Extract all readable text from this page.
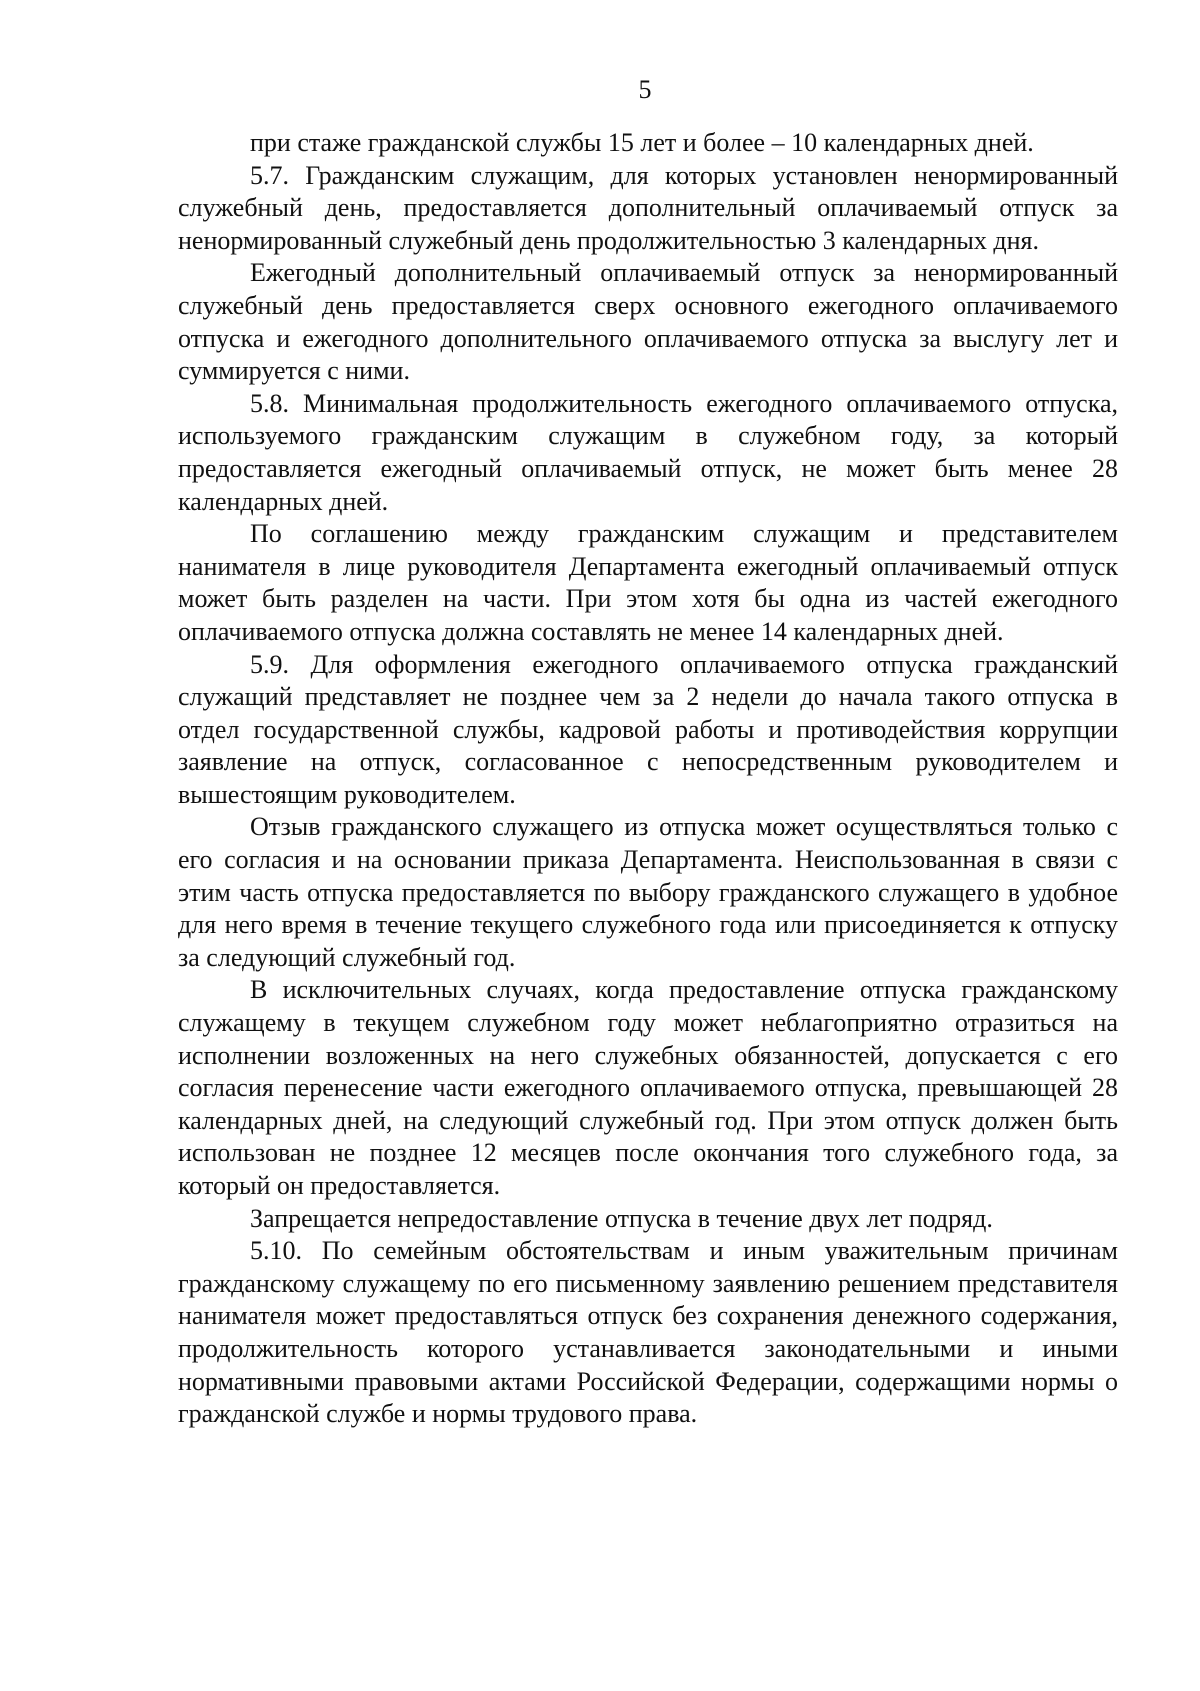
5

при стаже гражданской службы 15 лет и более – 10 календарных дней.

5.7. Гражданским служащим, для которых установлен ненормированный служебный день, предоставляется дополнительный оплачиваемый отпуск за ненормированный служебный день продолжительностью 3 календарных дня.

Ежегодный дополнительный оплачиваемый отпуск за ненормированный служебный день предоставляется сверх основного ежегодного оплачиваемого отпуска и ежегодного дополнительного оплачиваемого отпуска за выслугу лет и суммируется с ними.

5.8. Минимальная продолжительность ежегодного оплачиваемого отпуска, используемого гражданским служащим в служебном году, за который предоставляется ежегодный оплачиваемый отпуск, не может быть менее 28 календарных дней.

По соглашению между гражданским служащим и представителем нанимателя в лице руководителя Департамента ежегодный оплачиваемый отпуск может быть разделен на части. При этом хотя бы одна из частей ежегодного оплачиваемого отпуска должна составлять не менее 14 календарных дней.

5.9. Для оформления ежегодного оплачиваемого отпуска гражданский служащий представляет не позднее чем за 2 недели до начала такого отпуска в отдел государственной службы, кадровой работы и противодействия коррупции заявление на отпуск, согласованное с непосредственным руководителем и вышестоящим руководителем.

Отзыв гражданского служащего из отпуска может осуществляться только с его согласия и на основании приказа Департамента. Неиспользованная в связи с этим часть отпуска предоставляется по выбору гражданского служащего в удобное для него время в течение текущего служебного года или присоединяется к отпуску за следующий служебный год.

В исключительных случаях, когда предоставление отпуска гражданскому служащему в текущем служебном году может неблагоприятно отразиться на исполнении возложенных на него служебных обязанностей, допускается с его согласия перенесение части ежегодного оплачиваемого отпуска, превышающей 28 календарных дней, на следующий служебный год. При этом отпуск должен быть использован не позднее 12 месяцев после окончания того служебного года, за который он предоставляется.

Запрещается непредоставление отпуска в течение двух лет подряд.

5.10. По семейным обстоятельствам и иным уважительным причинам гражданскому служащему по его письменному заявлению решением представителя нанимателя может предоставляться отпуск без сохранения денежного содержания, продолжительность которого устанавливается законодательными и иными нормативными правовыми актами Российской Федерации, содержащими нормы о гражданской службе и нормы трудового права.
